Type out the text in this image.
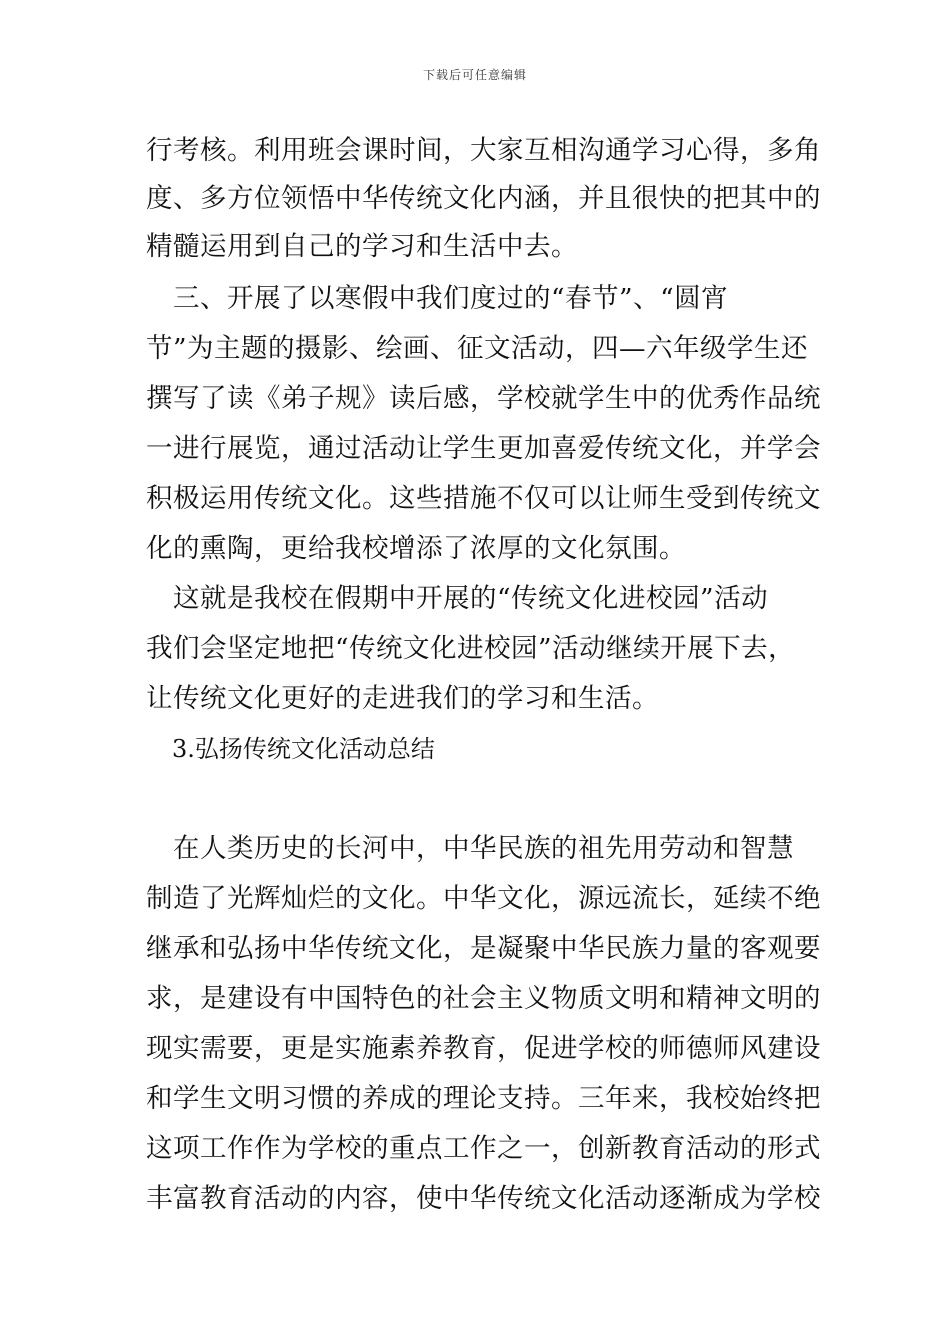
下载后可任意编辑
行考核。利用班会课时间，大家互相沟通学习心得，多角
度、多方位领悟中华传统文化内涵，并且很快的把其中的
精髓运用到自己的学习和生活中去。
　三、开展了以寒假中我们度过的“春节”、“圆宵
节”为主题的摄影、绘画、征文活动，四—六年级学生还
撰写了读《弟子规》读后感，学校就学生中的优秀作品统
一进行展览，通过活动让学生更加喜爱传统文化，并学会
积极运用传统文化。这些措施不仅可以让师生受到传统文
化的熏陶，更给我校增添了浓厚的文化氛围。
　这就是我校在假期中开展的“传统文化进校园”活动
我们会坚定地把“传统文化进校园”活动继续开展下去，
让传统文化更好的走进我们的学习和生活。
3.弘扬传统文化活动总结
　在人类历史的长河中，中华民族的祖先用劳动和智慧
制造了光辉灿烂的文化。中华文化，源远流长，延续不绝
继承和弘扬中华传统文化，是凝聚中华民族力量的客观要
求，是建设有中国特色的社会主义物质文明和精神文明的
现实需要，更是实施素养教育，促进学校的师德师风建设
和学生文明习惯的养成的理论支持。三年来，我校始终把
这项工作作为学校的重点工作之一，创新教育活动的形式
丰富教育活动的内容，使中华传统文化活动逐渐成为学校
